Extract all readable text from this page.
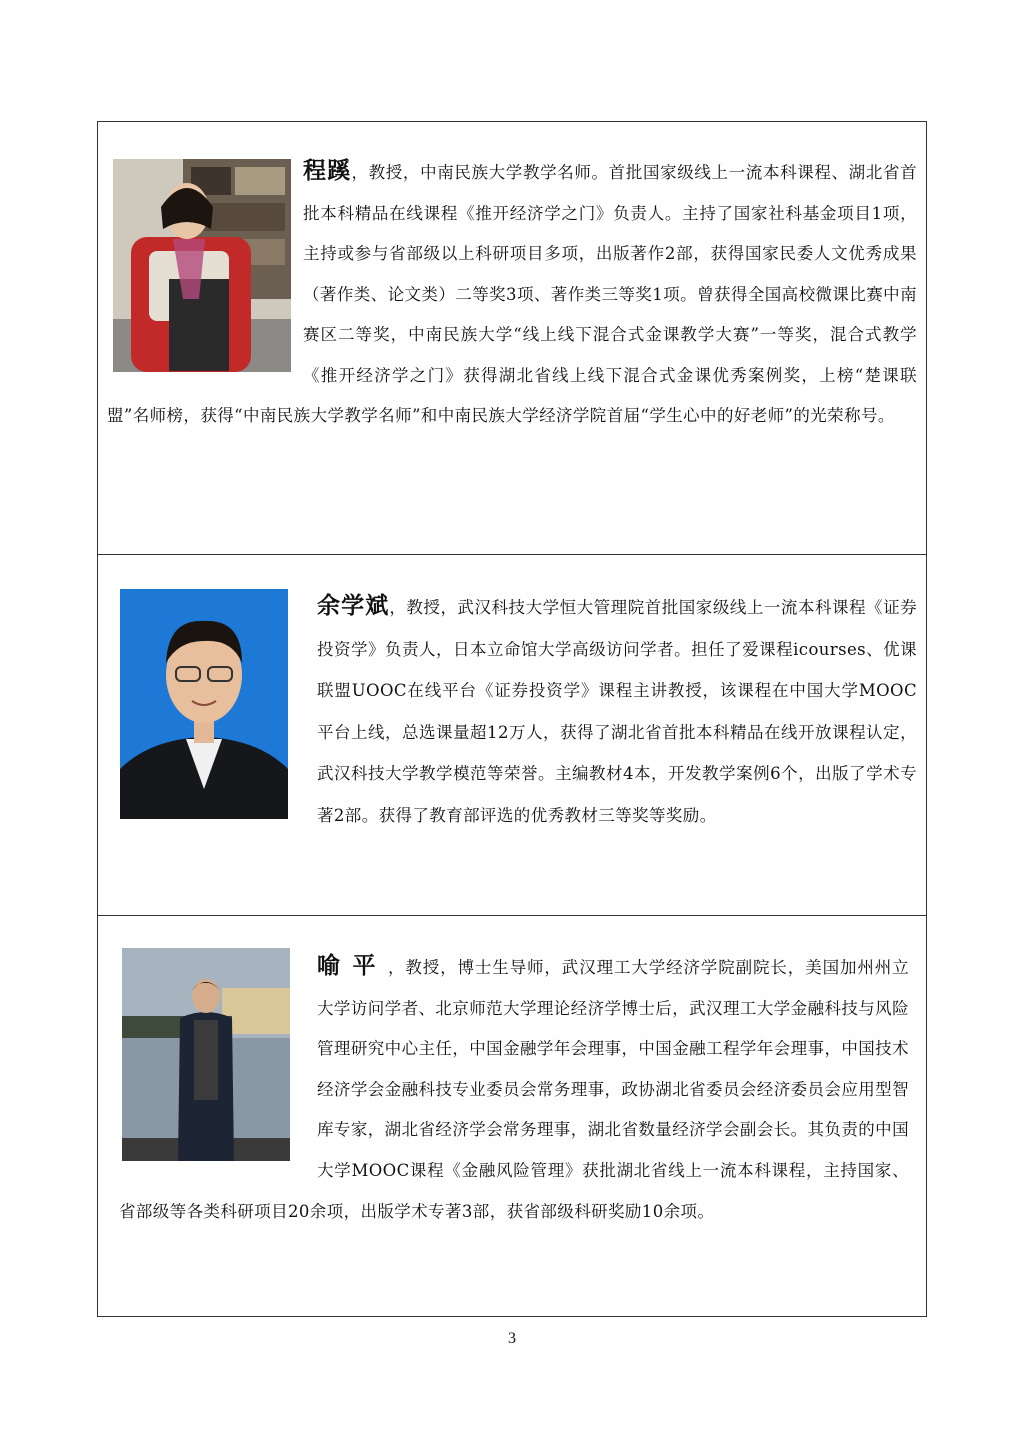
程蹊，教授，中南民族大学教学名师。首批国家级线上一流本科课程、湖北省首批本科精品在线课程《推开经济学之门》负责人。主持了国家社科基金项目1项，主持或参与省部级以上科研项目多项，出版著作2部，获得国家民委人文优秀成果（著作类、论文类）二等奖3项、著作类三等奖1项。曾获得全国高校微课比赛中南赛区二等奖，中南民族大学“线上线下混合式金课教学大赛”一等奖，混合式教学《推开经济学之门》获得湖北省线上线下混合式金课优秀案例奖，上榜“楚课联盟”名师榜，获得“中南民族大学教学名师”和中南民族大学经济学院首届“学生心中的好老师”的光荣称号。

余学斌，教授，武汉科技大学恒大管理院首批国家级线上一流本科课程《证券投资学》负责人，日本立命馆大学高级访问学者。担任了爱课程icourses、优课联盟UOOC在线平台《证券投资学》课程主讲教授，该课程在中国大学MOOC平台上线，总选课量超12万人，获得了湖北省首批本科精品在线开放课程认定，武汉科技大学教学模范等荣誉。主编教材4本，开发教学案例6个，出版了学术专著2部。获得了教育部评选的优秀教材三等奖等奖励。

喻平，教授，博士生导师，武汉理工大学经济学院副院长，美国加州州立大学访问学者、北京师范大学理论经济学博士后，武汉理工大学金融科技与风险管理研究中心主任，中国金融学年会理事，中国金融工程学年会理事，中国技术经济学会金融科技专业委员会常务理事，政协湖北省委员会经济委员会应用型智库专家，湖北省经济学会常务理事，湖北省数量经济学会副会长。其负责的中国大学MOOC课程《金融风险管理》获批湖北省线上一流本科课程，主持国家、省部级等各类科研项目20余项，出版学术专著3部，获省部级科研奖励10余项。

3
